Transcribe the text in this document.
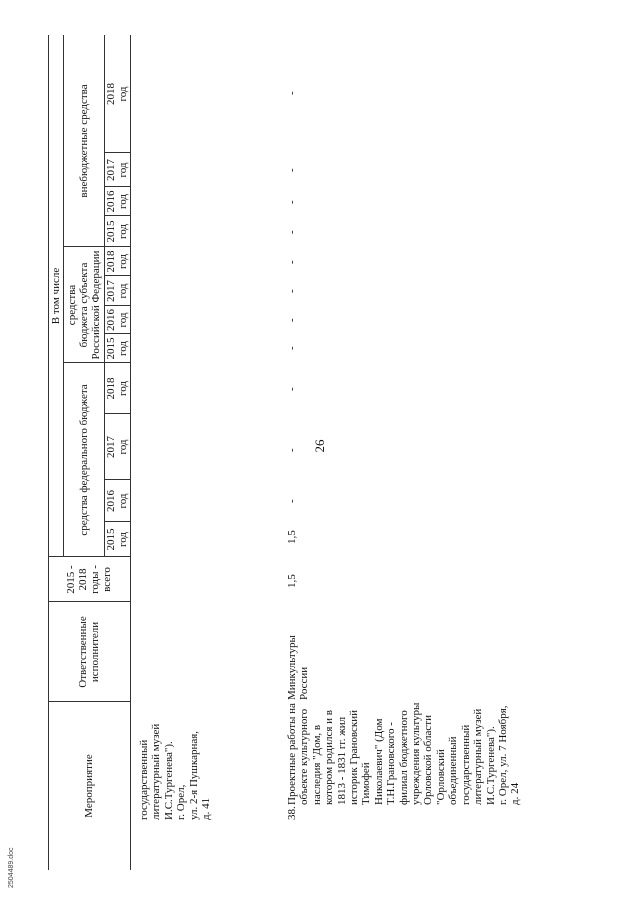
26
Мероприятие
Ответственные исполнители
2015 -
2018
годы -
всего
В том числе
средства федерального бюджета
средства
бюджета субъекта
Российской Федерации
внебюджетные средства
2015
год
2016
год
2017
год
2018
год
2015
год
2016
год
2017
год
2018
год
2015
год
2016
год
2017
год
2018
год
государственный
литературный музей
И.С.Тургенева").
г. Орел,
ул. 2-я Пушкарная,
д. 41
38.
Проектные работы на
объекте культурного
наследия "Дом, в
котором родился и в
1813 - 1831 гг. жил
историк Грановский
Тимофей
Николаевич" (Дом
Т.Н.Грановского -
филиал бюджетного
учреждения культуры
Орловской области
"Орловский
объединенный
государственный
литературный музей
И.С.Тургенева").
г. Орел, ул. 7 Ноября,
д. 24
Минкультуры
России
1,5
1,5
-
-
-
-
-
-
-
-
-
-
-
2504489.doc
